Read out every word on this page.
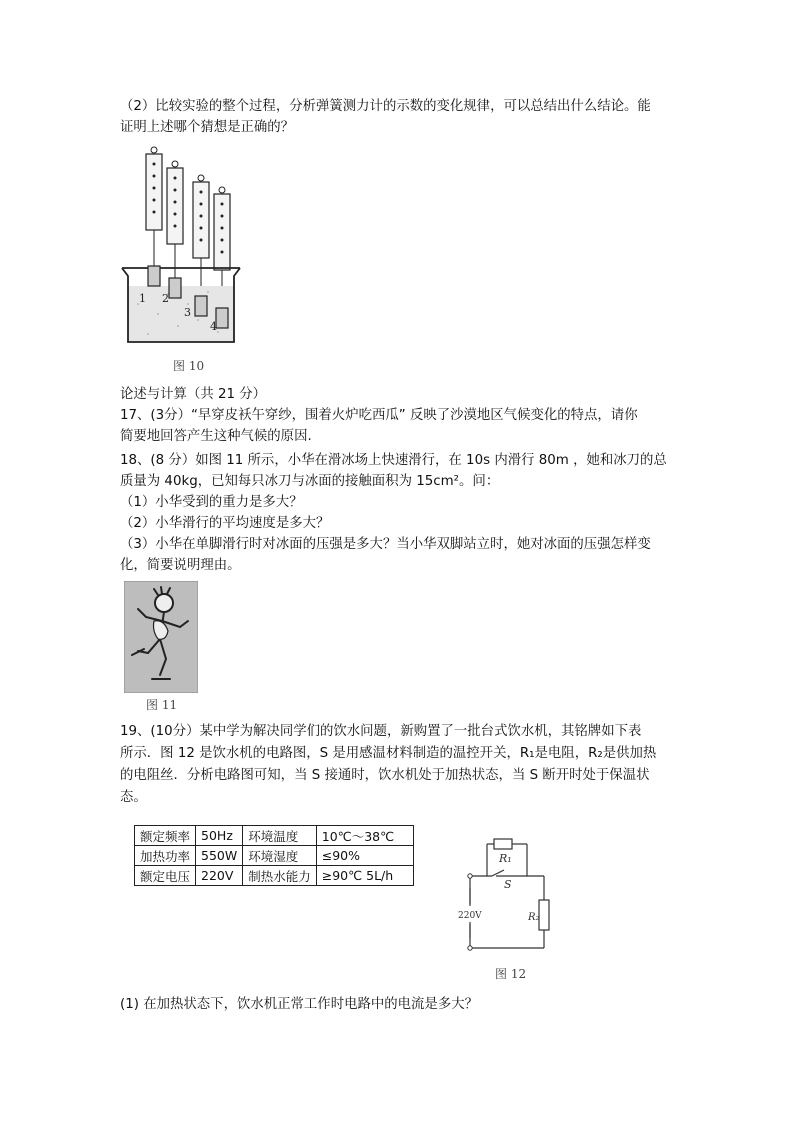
（2）比较实验的整个过程，分析弹簧测力计的示数的变化规律，可以总结出什么结论。能
证明上述哪个猜想是正确的？
1 2
3
4
图 10
论述与计算（共 21 分）
17、(3分）“早穿皮袄午穿纱，围着火炉吃西瓜” 反映了沙漠地区气候变化的特点，请你
简要地回答产生这种气候的原因.
18、(8 分）如图 11 所示，小华在滑冰场上快速滑行，在 10s 内滑行 80m ，她和冰刀的总
质量为 40kg，已知每只冰刀与冰面的接触面积为 15cm²。问：
（1）小华受到的重力是多大？
（2）小华滑行的平均速度是多大？
（3）小华在单脚滑行时对冰面的压强是多大？当小华双脚站立时，她对冰面的压强怎样变
化，简要说明理由。
图 11
19、(10分）某中学为解决同学们的饮水问题，新购置了一批台式饮水机，其铭牌如下表
所示．图 12 是饮水机的电路图，S 是用感温材料制造的温控开关，R₁是电阻，R₂是供加热
的电阻丝．分析电路图可知，当 S 接通时，饮水机处于加热状态，当 S 断开时处于保温状
态。
额定频率	50Hz	环境温度	10℃～38℃
加热功率	550W	环境湿度	≤90%
额定电压	220V	制热水能力	≥90℃ 5L/h
R₁
S
R₂
220V
图 12
(1) 在加热状态下，饮水机正常工作时电路中的电流是多大？
